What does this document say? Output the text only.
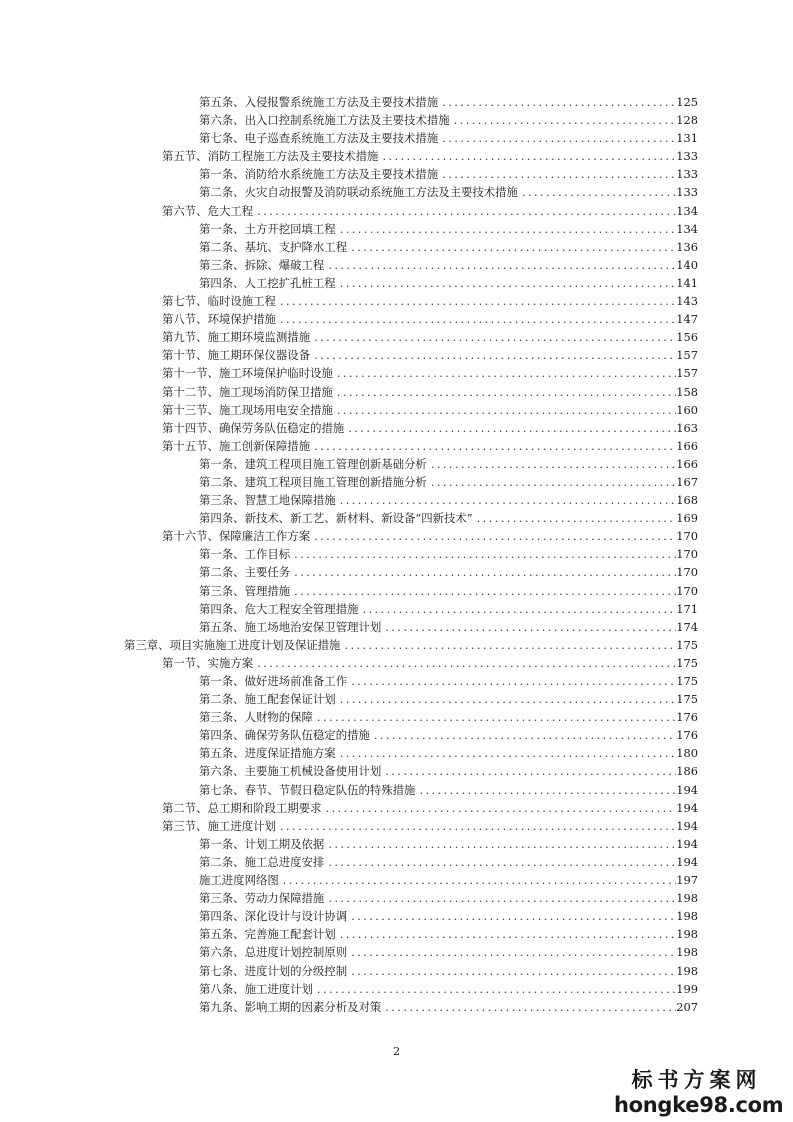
第五条、入侵报警系统施工方法及主要技术措施 .....	125
第六条、出入口控制系统施工方法及主要技术措施 .....	128
第七条、电子巡查系统施工方法及主要技术措施 .....	131
第五节、消防工程施工方法及主要技术措施 .....	133
第一条、消防给水系统施工方法及主要技术措施 .....	133
第二条、火灾自动报警及消防联动系统施工方法及主要技术措施 .....	133
第六节、危大工程 .....	134
第一条、土方开挖回填工程 .....	134
第二条、基坑、支护降水工程 .....	136
第三条、拆除、爆破工程 .....	140
第四条、人工挖扩孔桩工程 .....	141
第七节、临时设施工程 .....	143
第八节、环境保护措施 .....	147
第九节、施工期环境监测措施 .....	156
第十节、施工期环保仪器设备 .....	157
第十一节、施工环境保护临时设施 .....	157
第十二节、施工现场消防保卫措施 .....	158
第十三节、施工现场用电安全措施 .....	160
第十四节、确保劳务队伍稳定的措施 .....	163
第十五节、施工创新保障措施 .....	166
第一条、建筑工程项目施工管理创新基础分析 .....	166
第二条、建筑工程项目施工管理创新措施分析 .....	167
第三条、智慧工地保障措施 .....	168
第四条、新技术、新工艺、新材料、新设备“四新技术” .....	169
第十六节、保障廉洁工作方案 .....	170
第一条、工作目标 .....	170
第二条、主要任务 .....	170
第三条、管理措施 .....	170
第四条、危大工程安全管理措施 .....	171
第五条、施工场地治安保卫管理计划 .....	174
第三章、项目实施施工进度计划及保证措施 .....	175
第一节、实施方案 .....	175
第一条、做好进场前准备工作 .....	175
第二条、施工配套保证计划 .....	175
第三条、人财物的保障 .....	176
第四条、确保劳务队伍稳定的措施 .....	176
第五条、进度保证措施方案 .....	180
第六条、主要施工机械设备使用计划 .....	186
第七条、春节、节假日稳定队伍的特殊措施 .....	194
第二节、总工期和阶段工期要求 .....	194
第三节、施工进度计划 .....	194
第一条、计划工期及依据 .....	194
第二条、施工总进度安排 .....	194
施工进度网络图 .....	197
第三条、劳动力保障措施 .....	198
第四条、深化设计与设计协调 .....	198
第五条、完善施工配套计划 .....	198
第六条、总进度计划控制原则 .....	198
第七条、进度计划的分级控制 .....	198
第八条、施工进度计划 .....	199
第九条、影响工期的因素分析及对策 .....	207
2
标书方案网
hongke98.com
